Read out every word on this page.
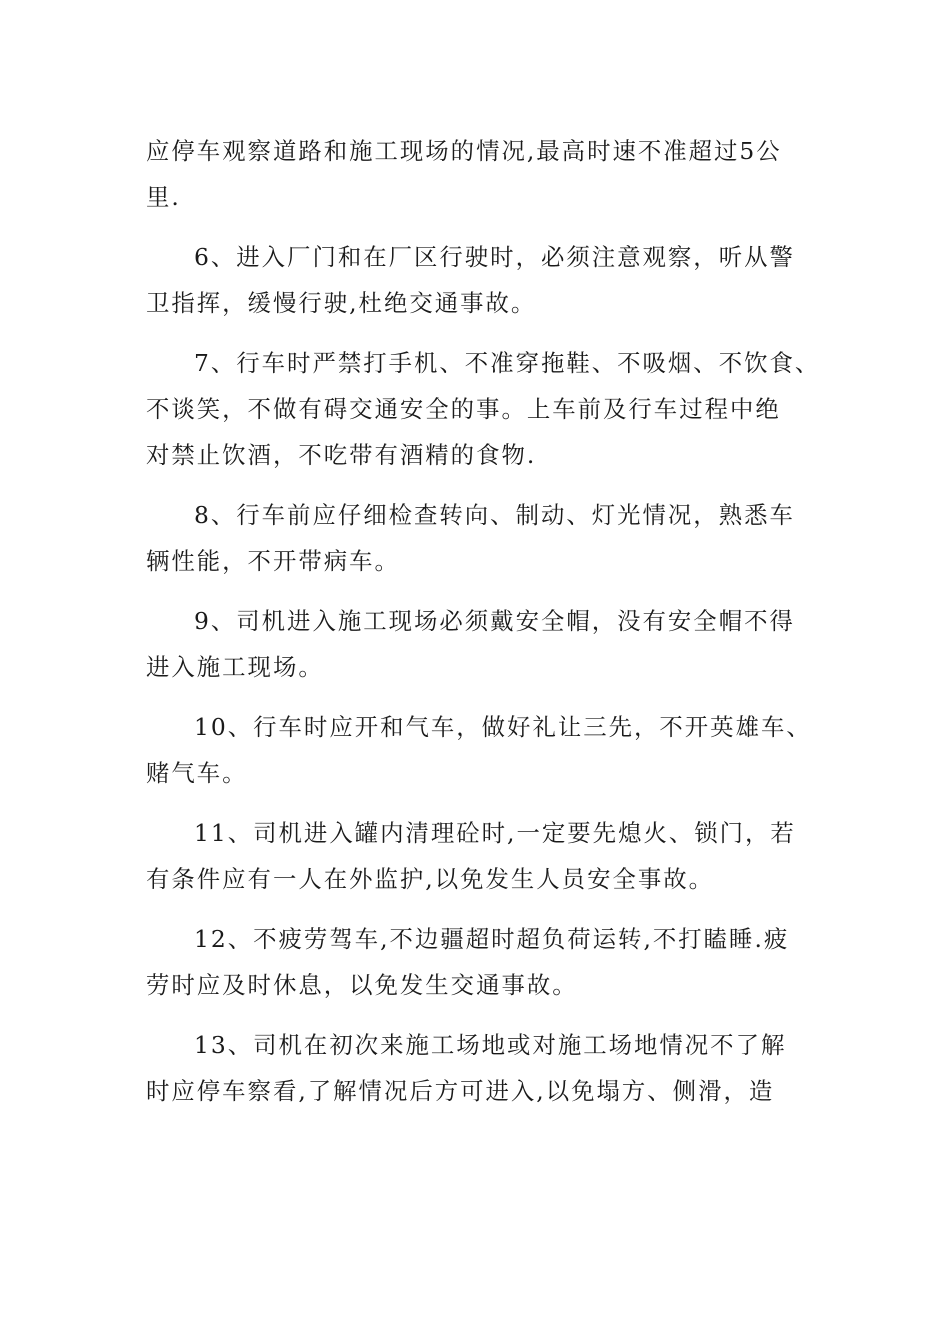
应停车观察道路和施工现场的情况,最高时速不准超过5公
里.

6、进入厂门和在厂区行驶时，必须注意观察，听从警
卫指挥，缓慢行驶,杜绝交通事故。

7、行车时严禁打手机、不准穿拖鞋、不吸烟、不饮食、
不谈笑，不做有碍交通安全的事。上车前及行车过程中绝
对禁止饮酒，不吃带有酒精的食物.

8、行车前应仔细检查转向、制动、灯光情况，熟悉车
辆性能，不开带病车。

9、司机进入施工现场必须戴安全帽，没有安全帽不得
进入施工现场。

10、行车时应开和气车，做好礼让三先，不开英雄车、
赌气车。

11、司机进入罐内清理砼时,一定要先熄火、锁门，若
有条件应有一人在外监护,以免发生人员安全事故。

12、不疲劳驾车,不边疆超时超负荷运转,不打瞌睡.疲
劳时应及时休息，以免发生交通事故。

13、司机在初次来施工场地或对施工场地情况不了解
时应停车察看,了解情况后方可进入,以免塌方、侧滑，造
